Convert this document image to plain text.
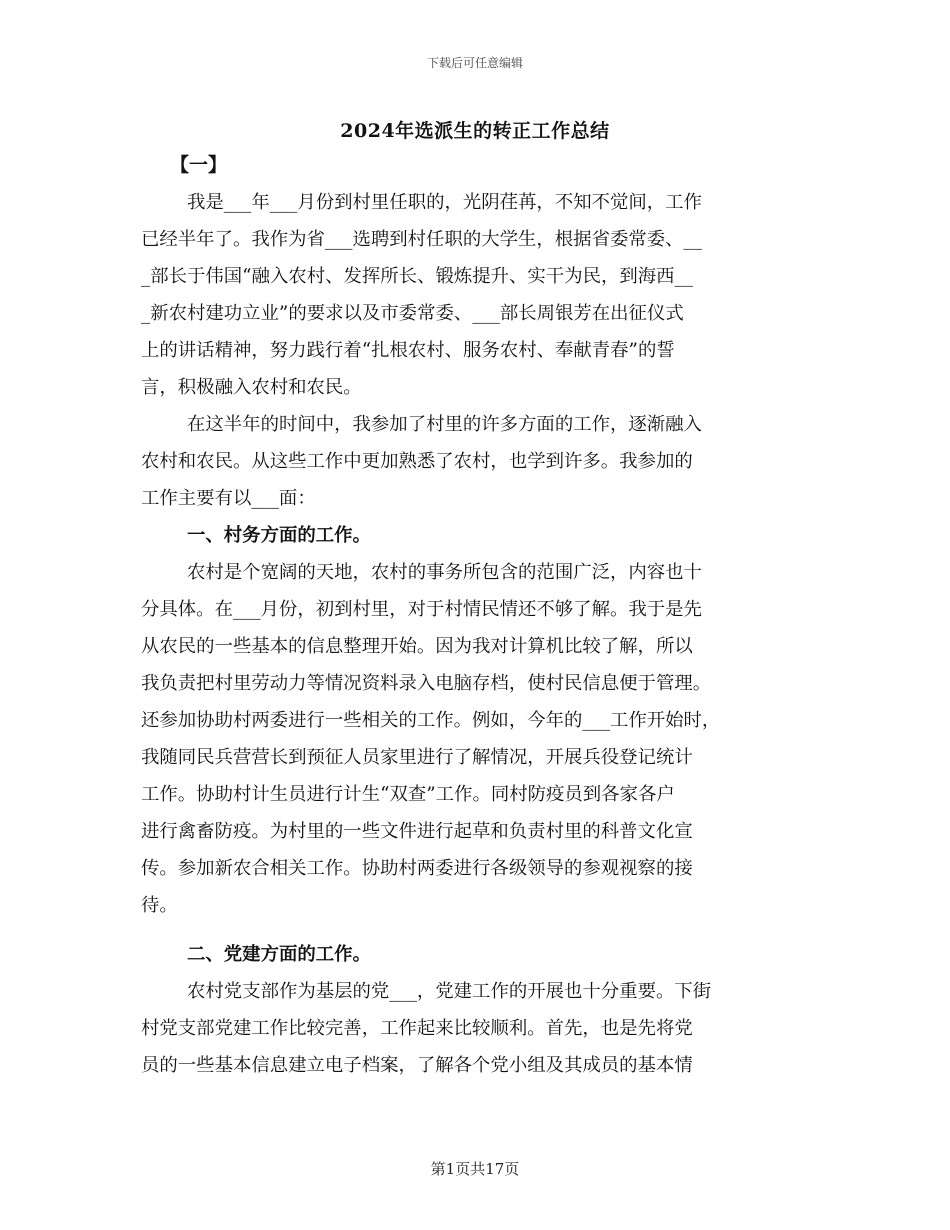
下载后可任意编辑
2024年选派生的转正工作总结
【一】
我是___年___月份到村里任职的，光阴荏苒，不知不觉间，工作
已经半年了。我作为省___选聘到村任职的大学生，根据省委常委、__
_部长于伟国“融入农村、发挥所长、锻炼提升、实干为民，到海西__
_新农村建功立业”的要求以及市委常委、___部长周银芳在出征仪式
上的讲话精神，努力践行着“扎根农村、服务农村、奉献青春”的誓
言，积极融入农村和农民。
在这半年的时间中，我参加了村里的许多方面的工作，逐渐融入
农村和农民。从这些工作中更加熟悉了农村，也学到许多。我参加的
工作主要有以___面：
一、村务方面的工作。
农村是个宽阔的天地，农村的事务所包含的范围广泛，内容也十
分具体。在___月份，初到村里，对于村情民情还不够了解。我于是先
从农民的一些基本的信息整理开始。因为我对计算机比较了解，所以
我负责把村里劳动力等情况资料录入电脑存档，使村民信息便于管理。
还参加协助村两委进行一些相关的工作。例如，今年的___工作开始时，
我随同民兵营营长到预征人员家里进行了解情况，开展兵役登记统计
工作。协助村计生员进行计生“双查”工作。同村防疫员到各家各户
进行禽畜防疫。为村里的一些文件进行起草和负责村里的科普文化宣
传。参加新农合相关工作。协助村两委进行各级领导的参观视察的接
待。
二、党建方面的工作。
农村党支部作为基层的党___，党建工作的开展也十分重要。下街
村党支部党建工作比较完善，工作起来比较顺利。首先，也是先将党
员的一些基本信息建立电子档案，了解各个党小组及其成员的基本情
第1页共17页
